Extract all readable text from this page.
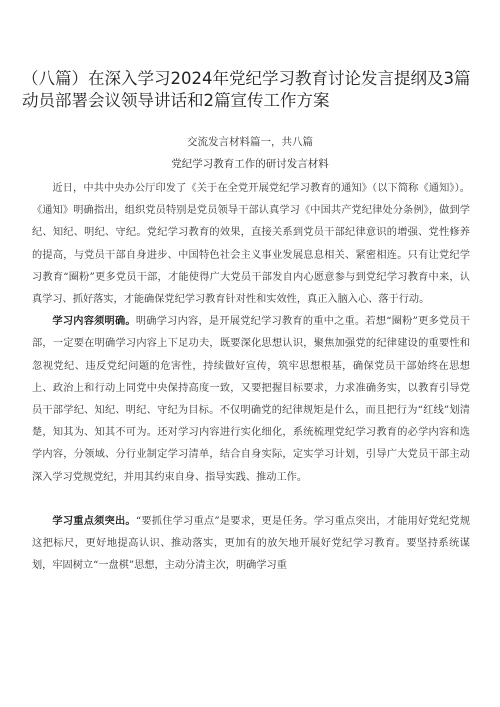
（八篇）在深入学习2024年党纪学习教育讨论发言提纲及3篇动员部署会议领导讲话和2篇宣传工作方案
交流发言材料篇一，共八篇
党纪学习教育工作的研讨发言材料

近日，中共中央办公厅印发了《关于在全党开展党纪学习教育的通知》（以下简称《通知》）。《通知》明确指出，组织党员特别是党员领导干部认真学习《中国共产党纪律处分条例》，做到学纪、知纪、明纪、守纪。党纪学习教育的效果，直接关系到党员干部纪律意识的增强、党性修养的提高，与党员干部自身进步、中国特色社会主义事业发展息息相关、紧密相连。只有让党纪学习教育“圈粉”更多党员干部，才能使得广大党员干部发自内心愿意参与到党纪学习教育中来，认真学习、抓好落实，才能确保党纪学习教育针对性和实效性，真正入脑入心、落于行动。

学习内容须明确。明确学习内容，是开展党纪学习教育的重中之重。若想“圈粉”更多党员干部，一定要在明确学习内容上下足功夫，既要深化思想认识，聚焦加强党的纪律建设的重要性和忽视党纪、违反党纪问题的危害性，持续做好宣传，筑牢思想根基，确保党员干部始终在思想上、政治上和行动上同党中央保持高度一致，又要把握目标要求，力求准确务实，以教育引导党员干部学纪、知纪、明纪、守纪为目标。不仅明确党的纪律规矩是什么，而且把行为“红线”划清楚，知其为、知其不可为。还对学习内容进行实化细化，系统梳理党纪学习教育的必学内容和选学内容，分领域、分行业制定学习清单，结合自身实际，定实学习计划，引导广大党员干部主动深入学习党规党纪，并用其约束自身、指导实践、推动工作。

学习重点须突出。“要抓住学习重点”是要求，更是任务。学习重点突出，才能用好党纪党规这把标尺，更好地提高认识、推动落实，更加有的放矢地开展好党纪学习教育。要坚持系统谋划，牢固树立“一盘棋”思想，主动分清主次，明确学习重
